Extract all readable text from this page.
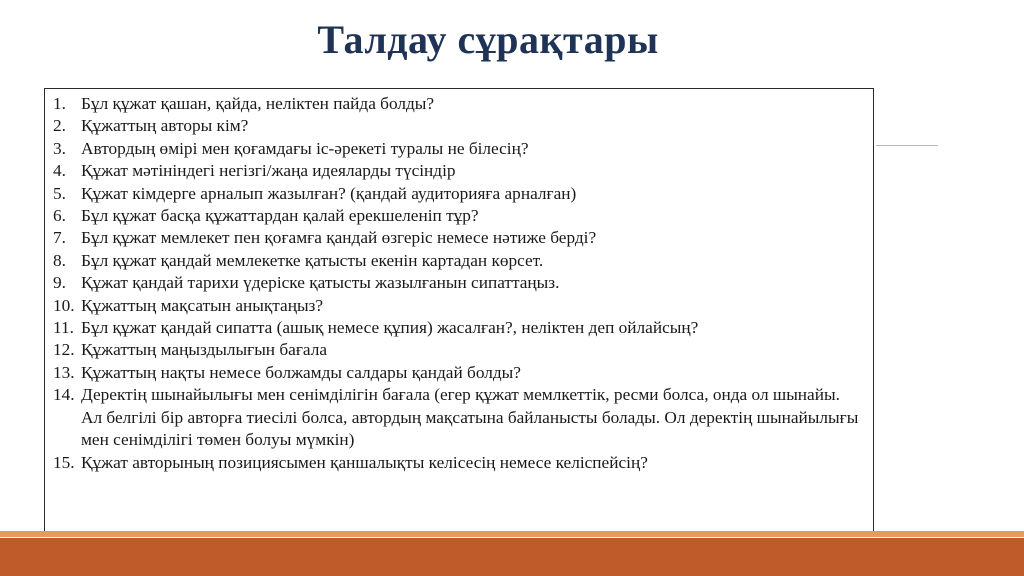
Талдау сұрақтары
1. Бұл құжат қашан, қайда, неліктен пайда болды?
2. Құжаттың авторы кім?
3. Автордың өмірі мен қоғамдағы іс-әрекеті туралы не білесің?
4. Құжат мәтініндегі негізгі/жаңа идеяларды түсіндір
5. Құжат кімдерге арналып жазылған? (қандай аудиторияға арналған)
6. Бұл құжат басқа құжаттардан қалай ерекшеленіп тұр?
7. Бұл құжат мемлекет пен қоғамға қандай өзгеріс немесе нәтиже берді?
8. Бұл құжат қандай мемлекетке қатысты екенін картадан көрсет.
9. Құжат қандай тарихи үдеріске қатысты жазылғанын сипаттаңыз.
10. Құжаттың мақсатын анықтаңыз?
11. Бұл құжат қандай сипатта (ашық немесе құпия) жасалған?, неліктен деп ойлайсың?
12. Құжаттың маңыздылығын бағала
13. Құжаттың нақты немесе болжамды салдары қандай болды?
14. Деректің шынайылығы мен сенімділігін бағала (егер құжат мемлкеттік, ресми болса, онда ол шынайы. Ал белгілі бір авторға тиесілі болса, автордың мақсатына байланысты болады. Ол деректің шынайылығы мен сенімділігі төмен болуы мүмкін)
15. Құжат авторының позициясымен қаншалықты келісесің немесе келіспейсің?
